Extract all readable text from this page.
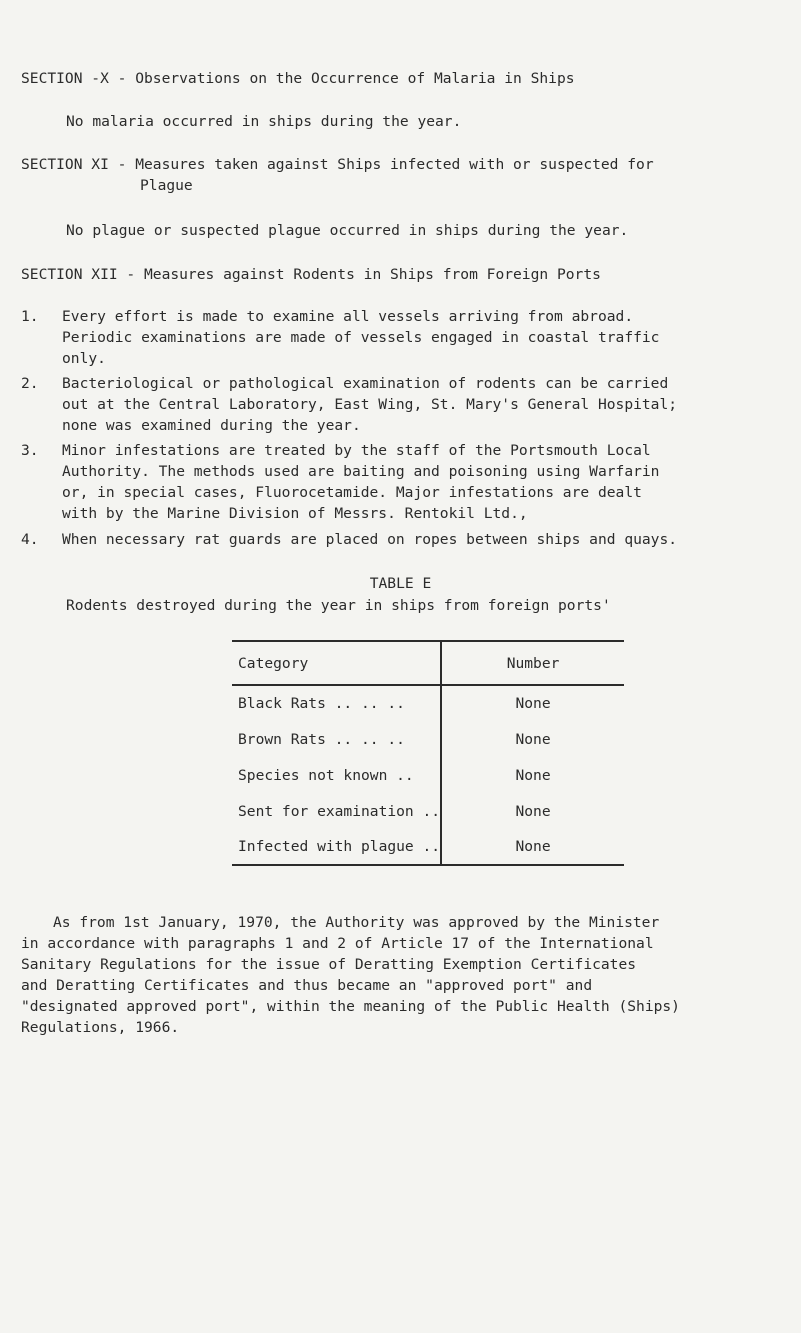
SECTION -X - Observations on the Occurrence of Malaria in Ships
No malaria occurred in ships during the year.
SECTION XI - Measures taken against Ships infected with or suspected for
Plague
No plague or suspected plague occurred in ships during the year.
SECTION XII - Measures against Rodents in Ships from Foreign Ports
1. Every effort is made to examine all vessels arriving from abroad.
Periodic examinations are made of vessels engaged in coastal traffic
only.
2. Bacteriological or pathological examination of rodents can be carried
out at the Central Laboratory, East Wing, St. Mary's General Hospital;
none was examined during the year.
3. Minor infestations are treated by the staff of the Portsmouth Local
Authority. The methods used are baiting and poisoning using Warfarin
or, in special cases, Fluorocetamide. Major infestations are dealt
with by the Marine Division of Messrs. Rentokil Ltd.,
4. When necessary rat guards are placed on ropes between ships and quays.
TABLE E
Rodents destroyed during the year in ships from foreign ports'
Category	Number
Black Rats .. .. ..	None
Brown Rats .. .. ..	None
Species not known ..	None
Sent for examination ..	None
Infected with plague ..	None
As from 1st January, 1970, the Authority was approved by the Minister
in accordance with paragraphs 1 and 2 of Article 17 of the International
Sanitary Regulations for the issue of Deratting Exemption Certificates
and Deratting Certificates and thus became an "approved port" and
"designated approved port", within the meaning of the Public Health (Ships)
Regulations, 1966.
